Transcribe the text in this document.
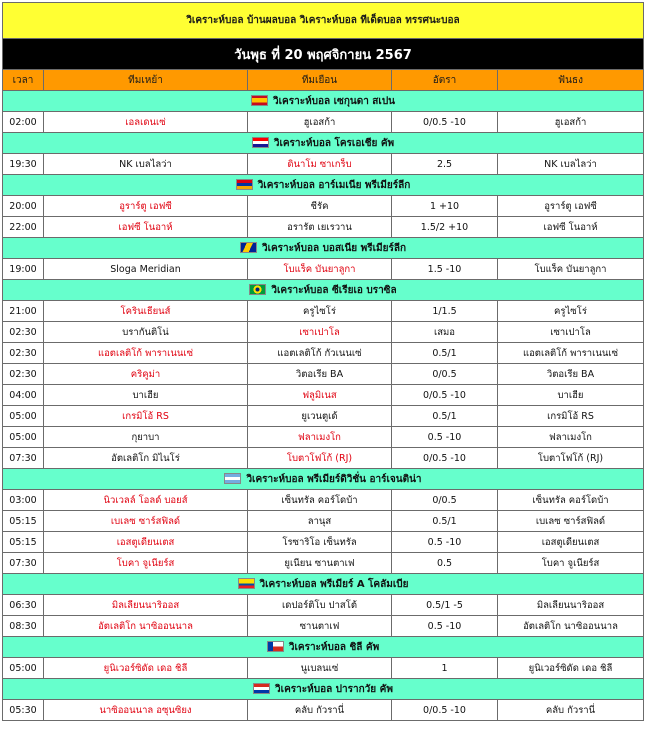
วิเคราะห์บอล บ้านผลบอล วิเคราะห์บอล ทีเด็ดบอล ทรรศนะบอล				
วันพุธ ที่ 20 พฤศจิกายน 2567				
เวลา	ทีมเหย้า	ทีมเยือน	อัตรา	ฟันธง
วิเคราะห์บอล เซกุนดา สเปน				
02:00	เอลเดนเซ่	ฮูเอสก้า	0/0.5 -10	ฮูเอสก้า
วิเคราะห์บอล โครเอเชีย คัพ				
19:30	NK เบลไลว่า	ดินาโม ซาเกร็บ	2.5	NK เบลไลว่า
วิเคราะห์บอล อาร์เมเนีย พรีเมียร์ลีก				
20:00	อูราร์ตู เอฟซี	ชีรัค	1 +10	อูราร์ตู เอฟซี
22:00	เอฟซี โนอาห์	อรารัต เยเรวาน	1.5/2 +10	เอฟซี โนอาห์
วิเคราะห์บอล บอสเนีย พรีเมียร์ลีก				
19:00	Sloga Meridian	โบแร็ค บันยาลูกา	1.5 -10	โบแร็ค บันยาลูกา
วิเคราะห์บอล ซีเรียเอ บราซิล				
21:00	โครินเธียนส์	ครูไซโร่	1/1.5	ครูไซโร่
02:30	บรากันติโน่	เซาเปาโล	เสมอ	เซาเปาโล
02:30	แอตเลติโก้ พาราเนนเซ่	แอตเลติโก้ กัวเนนเซ่	0.5/1	แอตเลติโก้ พาราเนนเซ่
02:30	คริคูม่า	วิตอเรีย BA	0/0.5	วิตอเรีย BA
04:00	บาเฮีย	ฟลูมิเนส	0/0.5 -10	บาเฮีย
05:00	เกรมิโอ้ RS	ยูเวนตูเด้	0.5/1	เกรมิโอ้ RS
05:00	กุยาบา	ฟลาเมงโก	0.5 -10	ฟลาเมงโก
07:30	อัตเลติโก มิไนโร่	โบตาโฟโก้ (RJ)	0/0.5 -10	โบตาโฟโก้ (RJ)
วิเคราะห์บอล พรีเมียร์ดิวิชั่น อาร์เจนติน่า				
03:00	นิวเวลล์ โอลด์ บอยส์	เซ็นทรัล คอร์โดบ้า	0/0.5	เซ็นทรัล คอร์โดบ้า
05:15	เบเลซ ซาร์สฟิลด์	ลานุส	0.5/1	เบเลซ ซาร์สฟิลด์
05:15	เอสตูเดียนเตส	โรซาริโอ เซ็นทรัล	0.5 -10	เอสตูเดียนเตส
07:30	โบคา จูเนียร์ส	ยูเนียน ซานตาเฟ	0.5	โบคา จูเนียร์ส
วิเคราะห์บอล พรีเมียร์ A โคลัมเบีย				
06:30	มิลเลียนนาริออส	เดปอร์ติโบ ปาสโต้	0.5/1 -5	มิลเลียนนาริออส
08:30	อัตเลติโก นาซิออนนาล	ซานตาเฟ	0.5 -10	อัตเลติโก นาซิออนนาล
วิเคราะห์บอล ชิลี คัพ				
05:00	ยูนิเวอร์ซิดัด เดอ ชิลี	นูเบลนเซ่	1	ยูนิเวอร์ซิดัด เดอ ชิลี
วิเคราะห์บอล ปารากวัย คัพ				
05:30	นาซิออนนาล อซุนซิยง	คลับ กัวรานี่	0/0.5 -10	คลับ กัวรานี่
